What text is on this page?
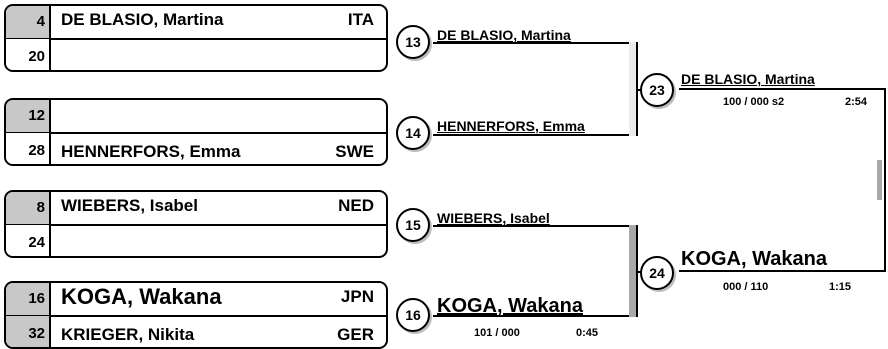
4 DE BLASIO, Martina	ITA
20
12
28 HENNERFORS, Emma	SWE
8 WIEBERS, Isabel	NED
24
16 KOGA, Wakana	JPN
32 KRIEGER, Nikita	GER
13	DE BLASIO, Martina
14	HENNERFORS, Emma
15	WIEBERS, Isabel
16 KOGA, Wakana
101 / 000	0:45
23
DE BLASIO, Martina
100 / 000 s2	2:54
24
KOGA, Wakana
000 / 110	1:15
